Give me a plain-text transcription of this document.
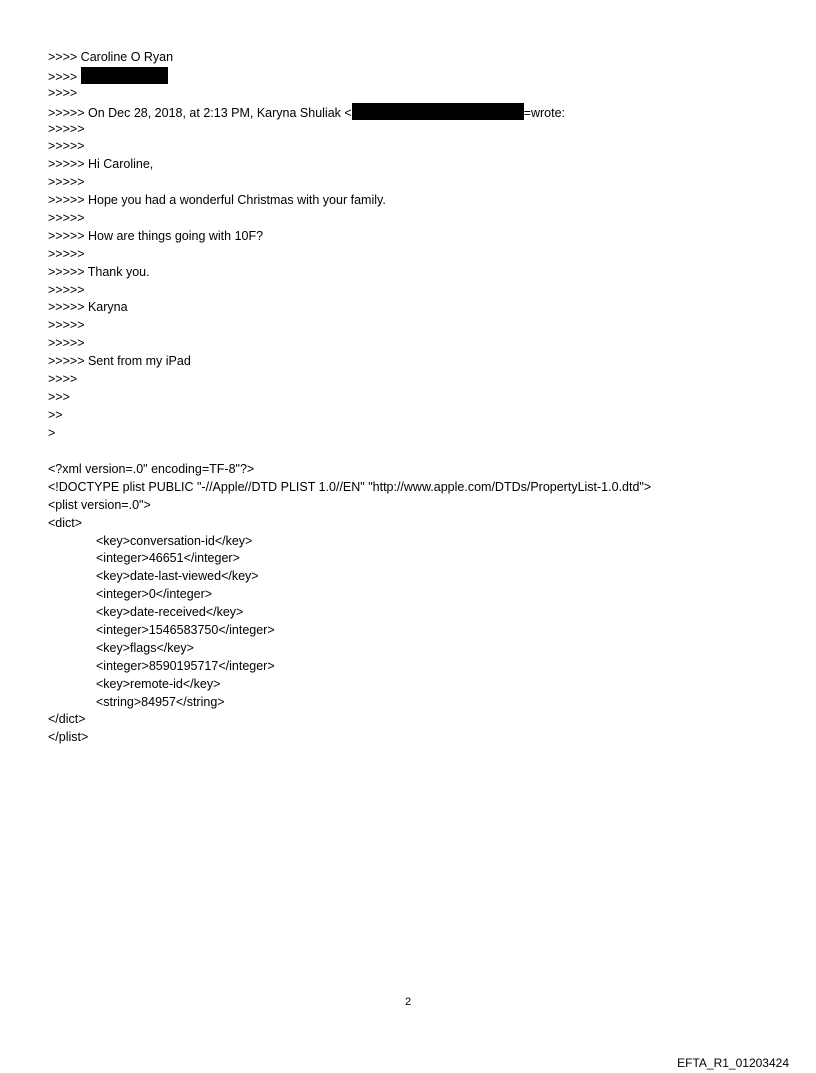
>>>> Caroline O Ryan
>>>>
>>>>
>>>>> On Dec 28, 2018, at 2:13 PM, Karyna Shuliak <	=wrote:
>>>>>
>>>>>
>>>>> Hi Caroline,
>>>>>
>>>>> Hope you had a wonderful Christmas with your family.
>>>>>
>>>>> How are things going with 10F?
>>>>>
>>>>> Thank you.
>>>>>
>>>>> Karyna
>>>>>
>>>>>
>>>>> Sent from my iPad
>>>>
>>>
>>
>
<?xml version=.0" encoding=TF-8"?>
<!DOCTYPE plist PUBLIC "-//Apple//DTD PLIST 1.0//EN" "http://www.apple.com/DTDs/PropertyList-1.0.dtd">
<plist version=.0">
<dict>
<key>conversation-id</key>
<integer>46651</integer>
<key>date-last-viewed</key>
<integer>0</integer>
<key>date-received</key>
<integer>1546583750</integer>
<key>flags</key>
<integer>8590195717</integer>
<key>remote-id</key>
<string>84957</string>
</dict>
</plist>
2
EFTA_R1_01203424
